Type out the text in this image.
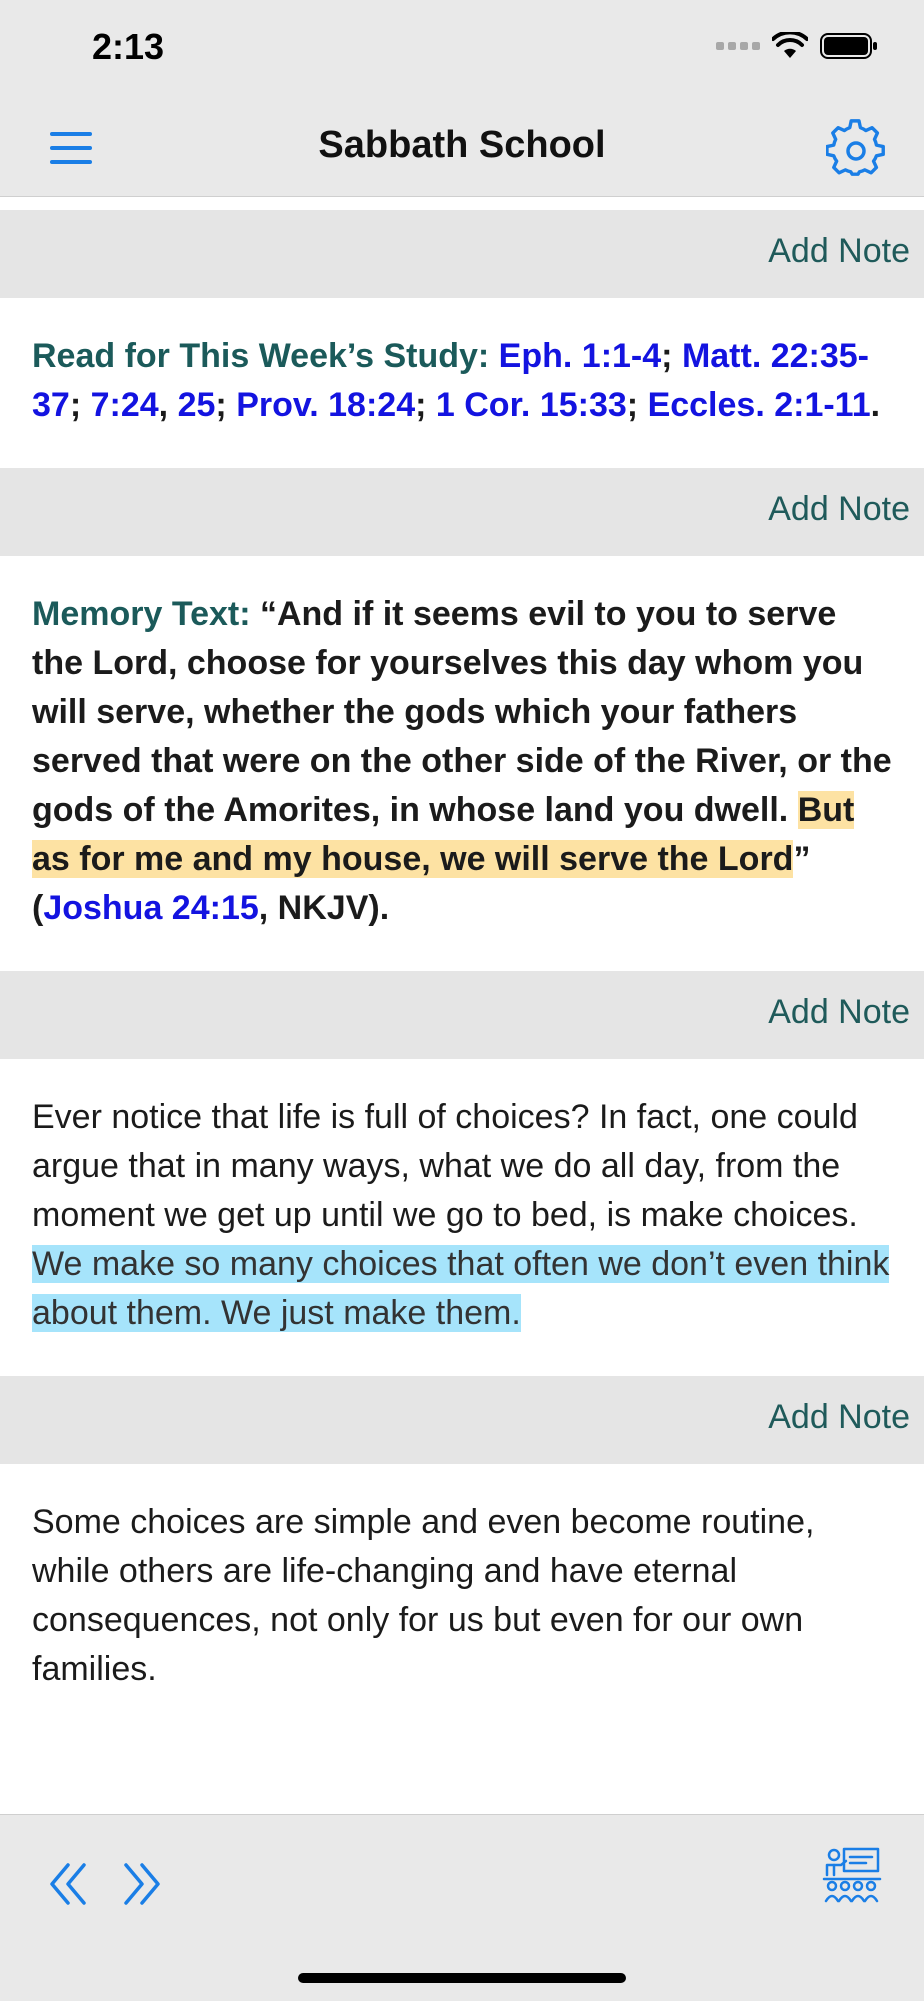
2:13
Sabbath School
Add Note
Read for This Week’s Study: Eph. 1:1-4; Matt. 22:35-37; 7:24, 25; Prov. 18:24; 1 Cor. 15:33; Eccles. 2:1-11.
Add Note
Memory Text: “And if it seems evil to you to serve the Lord, choose for yourselves this day whom you will serve, whether the gods which your fathers served that were on the other side of the River, or the gods of the Amorites, in whose land you dwell. But as for me and my house, we will serve the Lord” (Joshua 24:15, NKJV).
Add Note
Ever notice that life is full of choices? In fact, one could argue that in many ways, what we do all day, from the moment we get up until we go to bed, is make choices. We make so many choices that often we don’t even think about them. We just make them.
Add Note
Some choices are simple and even become routine, while others are life-changing and have eternal consequences, not only for us but even for our own families.
